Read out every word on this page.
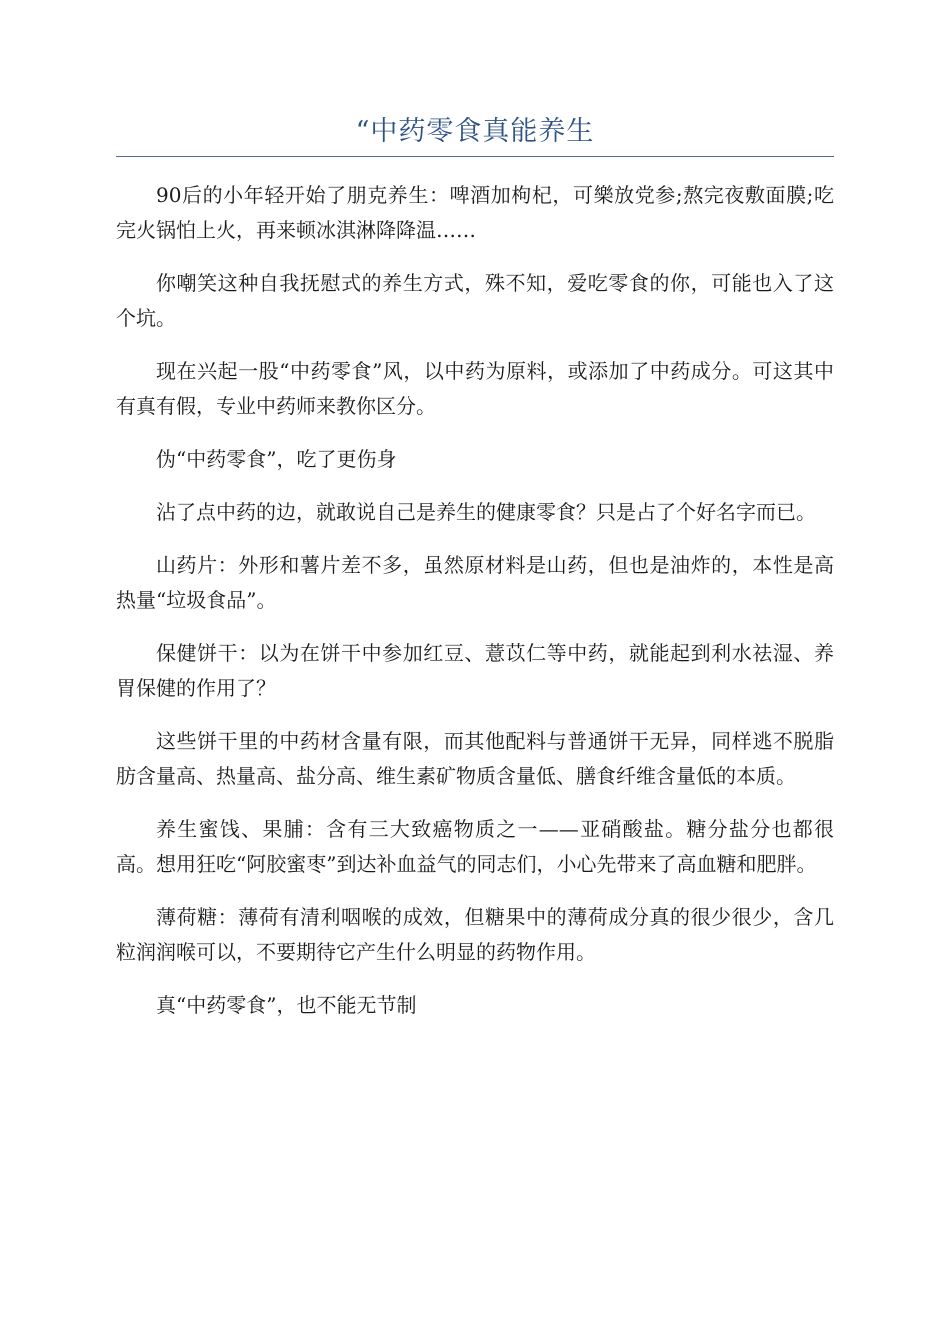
“中药零食真能养生

90后的小年轻开始了朋克养生：啤酒加枸杞，可樂放党参;熬完夜敷面膜;吃完火锅怕上火，再来顿冰淇淋降降温……

你嘲笑这种自我抚慰式的养生方式，殊不知，爱吃零食的你，可能也入了这个坑。

现在兴起一股“中药零食”风，以中药为原料，或添加了中药成分。可这其中有真有假，专业中药师来教你区分。

伪“中药零食”，吃了更伤身

沾了点中药的边，就敢说自己是养生的健康零食？只是占了个好名字而已。

山药片：外形和薯片差不多，虽然原材料是山药，但也是油炸的，本性是高热量“垃圾食品”。

保健饼干：以为在饼干中参加红豆、薏苡仁等中药，就能起到利水祛湿、养胃保健的作用了？

这些饼干里的中药材含量有限，而其他配料与普通饼干无异，同样逃不脱脂肪含量高、热量高、盐分高、维生素矿物质含量低、膳食纤维含量低的本质。

养生蜜饯、果脯：含有三大致癌物质之一——亚硝酸盐。糖分盐分也都很高。想用狂吃“阿胶蜜枣”到达补血益气的同志们，小心先带来了高血糖和肥胖。

薄荷糖：薄荷有清利咽喉的成效，但糖果中的薄荷成分真的很少很少，含几粒润润喉可以，不要期待它产生什么明显的药物作用。

真“中药零食”，也不能无节制
